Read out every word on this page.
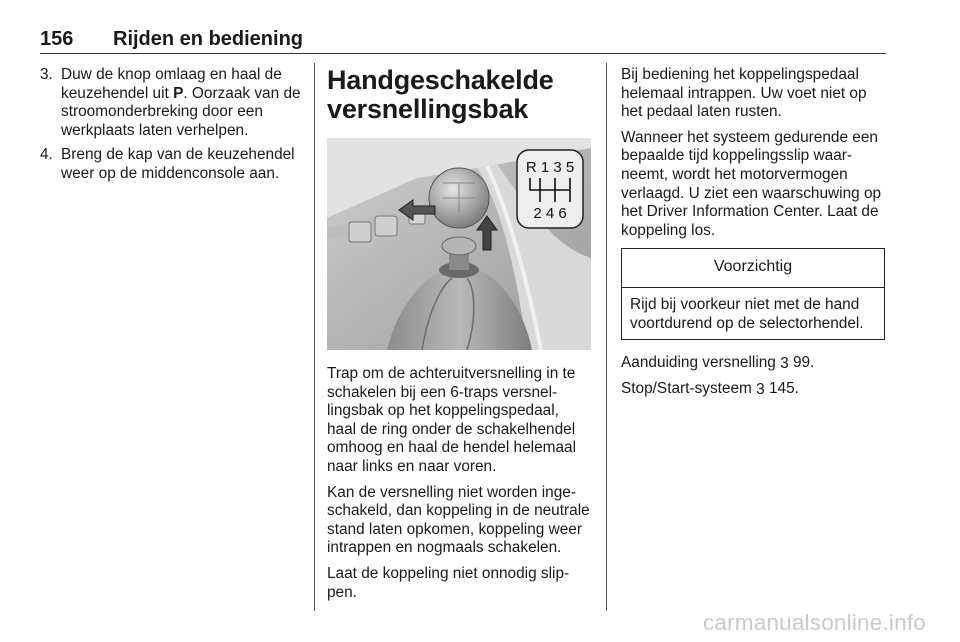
156 Rijden en bediening
3. Duw de knop omlaag en haal de keuzehendel uit P. Oorzaak van de stroomonderbreking door een werkplaats laten verhelpen.
4. Breng de kap van de keuzehendel weer op de middenconsole aan.
Handgeschakelde versnellingsbak
R 1 3 5
2 4 6

Trap om de achteruitversnelling in te schakelen bij een 6-traps versnellingsbak op het koppelingspedaal, haal de ring onder de schakelhendel omhoog en haal de hendel helemaal naar links en naar voren.

Kan de versnelling niet worden ingeschakeld, dan koppeling in de neutrale stand laten opkomen, koppeling weer intrappen en nogmaals schakelen.

Laat de koppeling niet onnodig slippen.

Bij bediening het koppelingspedaal helemaal intrappen. Uw voet niet op het pedaal laten rusten.

Wanneer het systeem gedurende een bepaalde tijd koppelingsslip waarneemt, wordt het motorvermogen verlaagd. U ziet een waarschuwing op het Driver Information Center. Laat de koppeling los.

Voorzichtig
Rijd bij voorkeur niet met de hand voortdurend op de selectorhendel.

Aanduiding versnelling 3 99.

Stop/Start-systeem 3 145.

carmanualsonline.info
